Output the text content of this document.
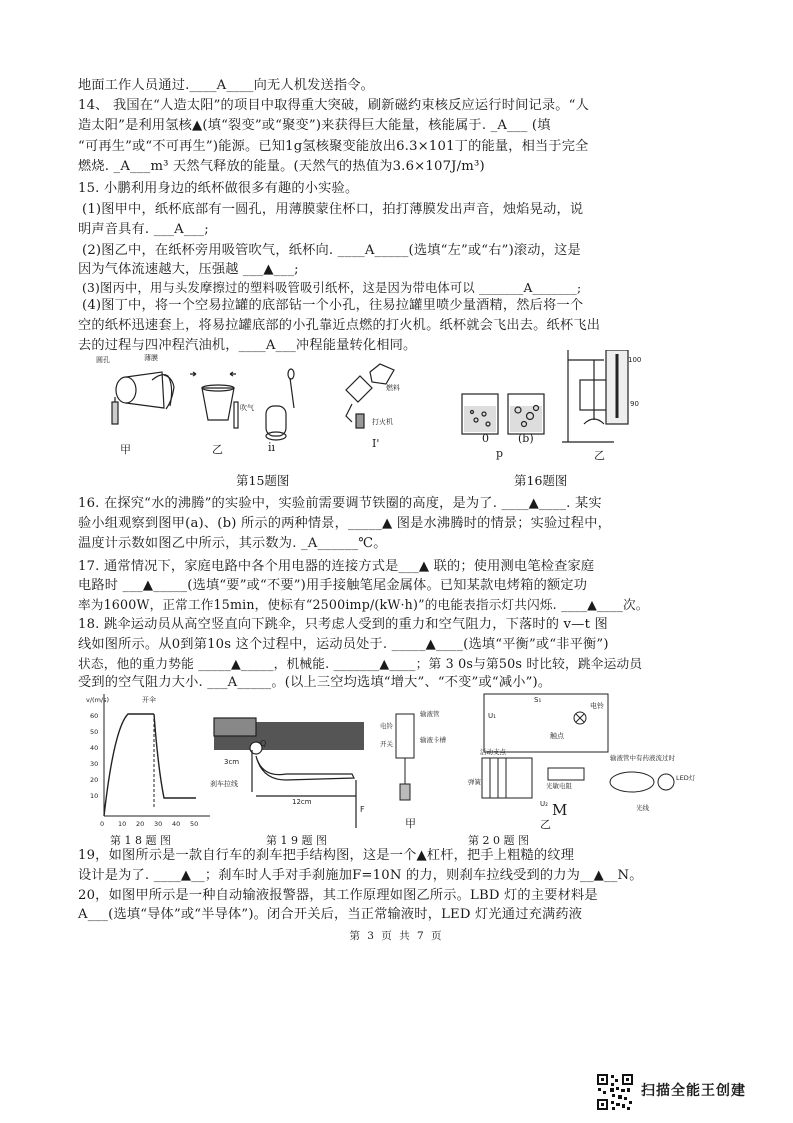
地面工作人员通过.____A____向无人机发送指令。
14、 我国在“人造太阳”的项目中取得重大突破，刷新磁约束核反应运行时间记录。“人
造太阳”是利用氢核▲(填“裂变”或“聚变”)来获得巨大能量，核能属于. _A___ (填
“可再生”或“不可再生”)能源。已知1g氢核聚变能放出6.3×101丁的能量，相当于完全
燃烧. _A___m³ 天然气释放的能量。(天然气的热值为3.6×107J/m³)
15. 小鹏利用身边的纸杯做很多有趣的小实验。
(1)图甲中，纸杯底部有一圆孔，用薄膜蒙住杯口，拍打薄膜发出声音，烛焰晃动，说
明声音具有. ___A___;
(2)图乙中，在纸杯旁用吸管吹气，纸杯向. ____A_____(选填“左”或“右”)滚动，这是
因为气体流速越大，压强越 ___▲___;
(3)图丙中，用与头发摩擦过的塑料吸管吸引纸杯，这是因为带电体可以 _______A_______;
(4)图丁中，将一个空易拉罐的底部钻一个小孔，往易拉罐里喷少量酒精，然后将一个
空的纸杯迅速套上，将易拉罐底部的小孔靠近点燃的打火机。纸杯就会飞出去。纸杯飞出
去的过程与四冲程汽油机，____A___冲程能量转化相同。
圆孔	薄膜
吹气
燃料
打火机
100
90
甲	乙	ı̇ı	I'	0	(b)
p	乙
第15题图	第16题图
16. 在探究“水的沸腾”的实验中，实验前需要调节铁圈的高度，是为了. ____▲____. 某实
验小组观察到图甲(a)、(b) 所示的两种情景，_____▲ 图是水沸腾时的情景；实验过程中，
温度计示数如图乙中所示，其示数为. _A______℃。
17. 通常情况下，家庭电路中各个用电器的连接方式是___▲ 联的；使用测电笔检查家庭
电路时 ___▲_____(选填“要”或“不要”)用手接触笔尾金属体。已知某款电烤箱的额定功
率为1600W，正常工作15min，使标有“2500imp/(kW·h)”的电能表指示灯共闪烁. ____▲____次。
18. 跳伞运动员从高空竖直向下跳伞，只考虑人受到的重力和空气阻力，下落时的 v—t 图
线如图所示。从0到第10s 这个过程中，运动员处于. _____▲____(选填“平衡”或“非平衡”)
状态，他的重力势能 _____▲_____，机械能. _______▲____；第 3 0s与第50s 时比较，跳伞运动员
受到的空气阻力大小. ___A_____。(以上三空均选填“增大”、“不变”或“减小”)。
v/(m/s)
60
50
40
30
20
10
0 10 20 30 40 50
开伞
Q
3cm
12cm
F
刹车拉线
输液管
电铃
开关	输液卡槽
S₁
U₁
电铃
触点
活动支点
弹簧	光敏电阻
U₂
输液管中有药液流过时
LED灯
光线
甲	乙
M
第 1 8 题 图	第 1 9 题 图	第 2 0 题 图
19，如图所示是一款自行车的刹车把手结构图，这是一个▲杠杆，把手上粗糙的纹理
设计是为了. ____▲__；刹车时人手对手刹施加F=10N 的力，则刹车拉线受到的力为__▲__N。
20，如图甲所示是一种自动输液报警器，其工作原理如图乙所示。LBD 灯的主要材料是
A___(选填“导体”或“半导体”)。闭合开关后，当正常输液时，LED 灯光通过充满药液
第 3 页 共 7 页
扫描全能王创建
